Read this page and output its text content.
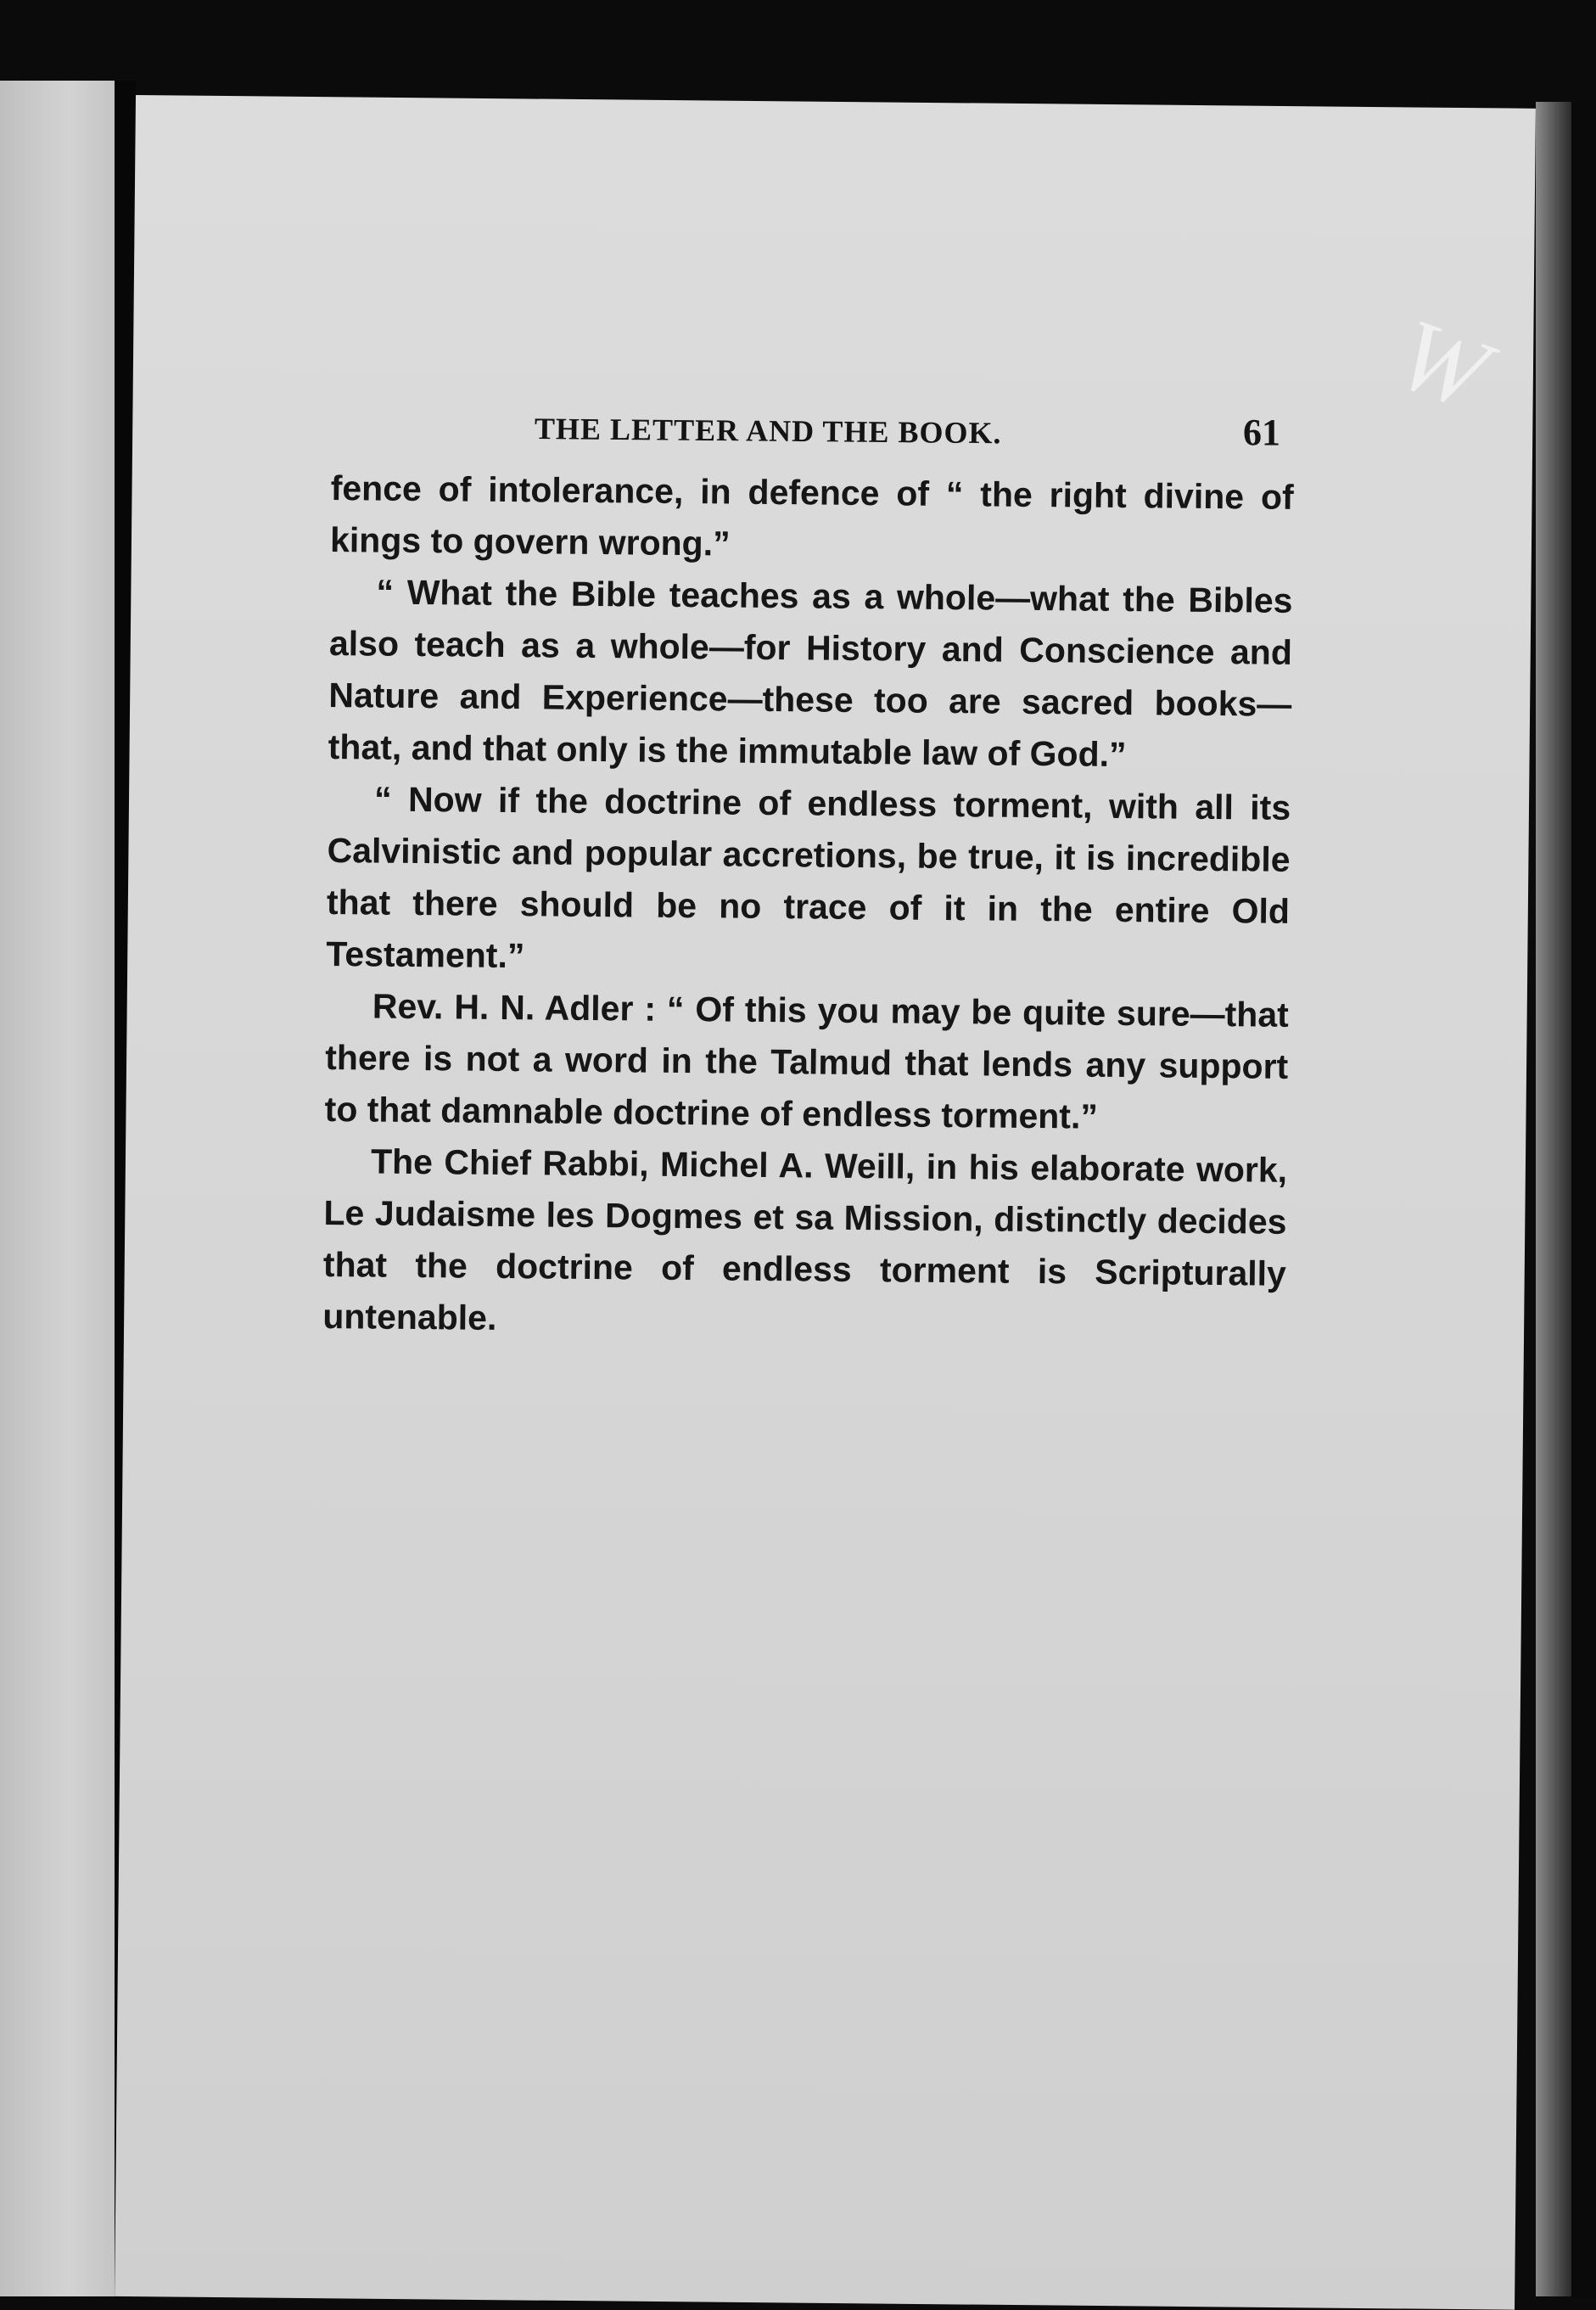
THE LETTER AND THE BOOK.	61
W

fence of intolerance, in defence of “ the right divine of kings to govern wrong.”

“ What the Bible teaches as a whole—what the Bibles also teach as a whole—for History and Conscience and Nature and Experience—these too are sacred books—that, and that only is the immutable law of God.”

“ Now if the doctrine of endless torment, with all its Calvinistic and popular accretions, be true, it is incredible that there should be no trace of it in the entire Old Testament.”

Rev. H. N. Adler : “ Of this you may be quite sure—that there is not a word in the Talmud that lends any support to that damnable doctrine of endless torment.”

The Chief Rabbi, Michel A. Weill, in his elaborate work, Le Judaisme les Dogmes et sa Mission, distinctly decides that the doctrine of endless torment is Scripturally untenable.
